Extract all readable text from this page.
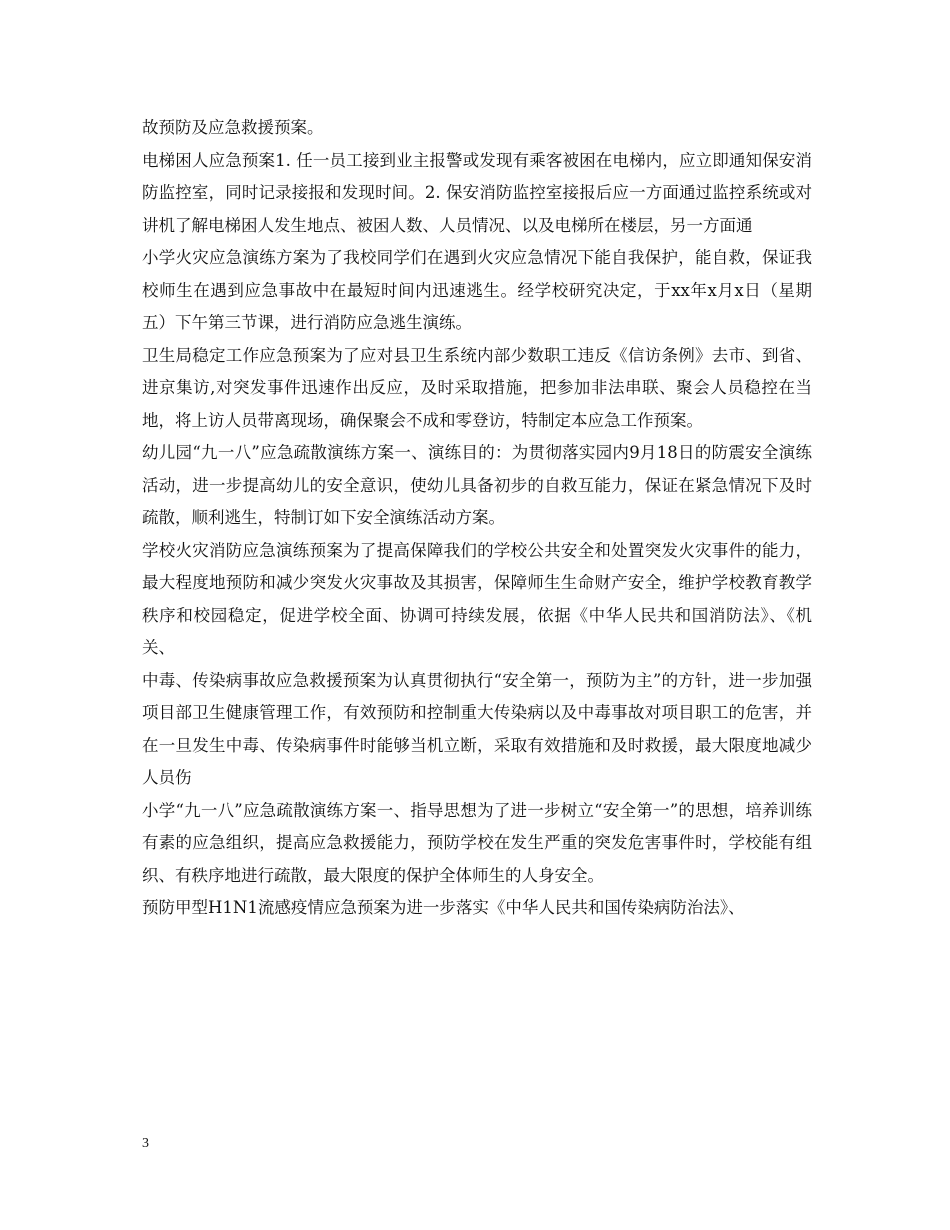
故预防及应急救援预案。

电梯困人应急预案1. 任一员工接到业主报警或发现有乘客被困在电梯内，应立即通知保安消防监控室，同时记录接报和发现时间。2. 保安消防监控室接报后应一方面通过监控系统或对讲机了解电梯困人发生地点、被困人数、人员情况、以及电梯所在楼层，另一方面通

小学火灾应急演练方案为了我校同学们在遇到火灾应急情况下能自我保护，能自救，保证我校师生在遇到应急事故中在最短时间内迅速逃生。经学校研究决定，于xx年x月x日（星期五）下午第三节课，进行消防应急逃生演练。

卫生局稳定工作应急预案为了应对县卫生系统内部少数职工违反《信访条例》去市、到省、进京集访,对突发事件迅速作出反应，及时采取措施，把参加非法串联、聚会人员稳控在当地，将上访人员带离现场，确保聚会不成和零登访，特制定本应急工作预案。

幼儿园“九一八”应急疏散演练方案一、演练目的：为贯彻落实园内9月18日的防震安全演练活动，进一步提高幼儿的安全意识，使幼儿具备初步的自救互能力，保证在紧急情况下及时疏散，顺利逃生，特制订如下安全演练活动方案。

学校火灾消防应急演练预案为了提高保障我们的学校公共安全和处置突发火灾事件的能力，最大程度地预防和减少突发火灾事故及其损害，保障师生生命财产安全，维护学校教育教学秩序和校园稳定，促进学校全面、协调可持续发展，依据《中华人民共和国消防法》、《机关、

中毒、传染病事故应急救援预案为认真贯彻执行“安全第一，预防为主”的方针，进一步加强项目部卫生健康管理工作，有效预防和控制重大传染病以及中毒事故对项目职工的危害，并在一旦发生中毒、传染病事件时能够当机立断，采取有效措施和及时救援，最大限度地减少人员伤

小学“九一八”应急疏散演练方案一、指导思想为了进一步树立“安全第一”的思想，培养训练有素的应急组织，提高应急救援能力，预防学校在发生严重的突发危害事件时，学校能有组织、有秩序地进行疏散，最大限度的保护全体师生的人身安全。

预防甲型H1N1流感疫情应急预案为进一步落实《中华人民共和国传染病防治法》、

3
